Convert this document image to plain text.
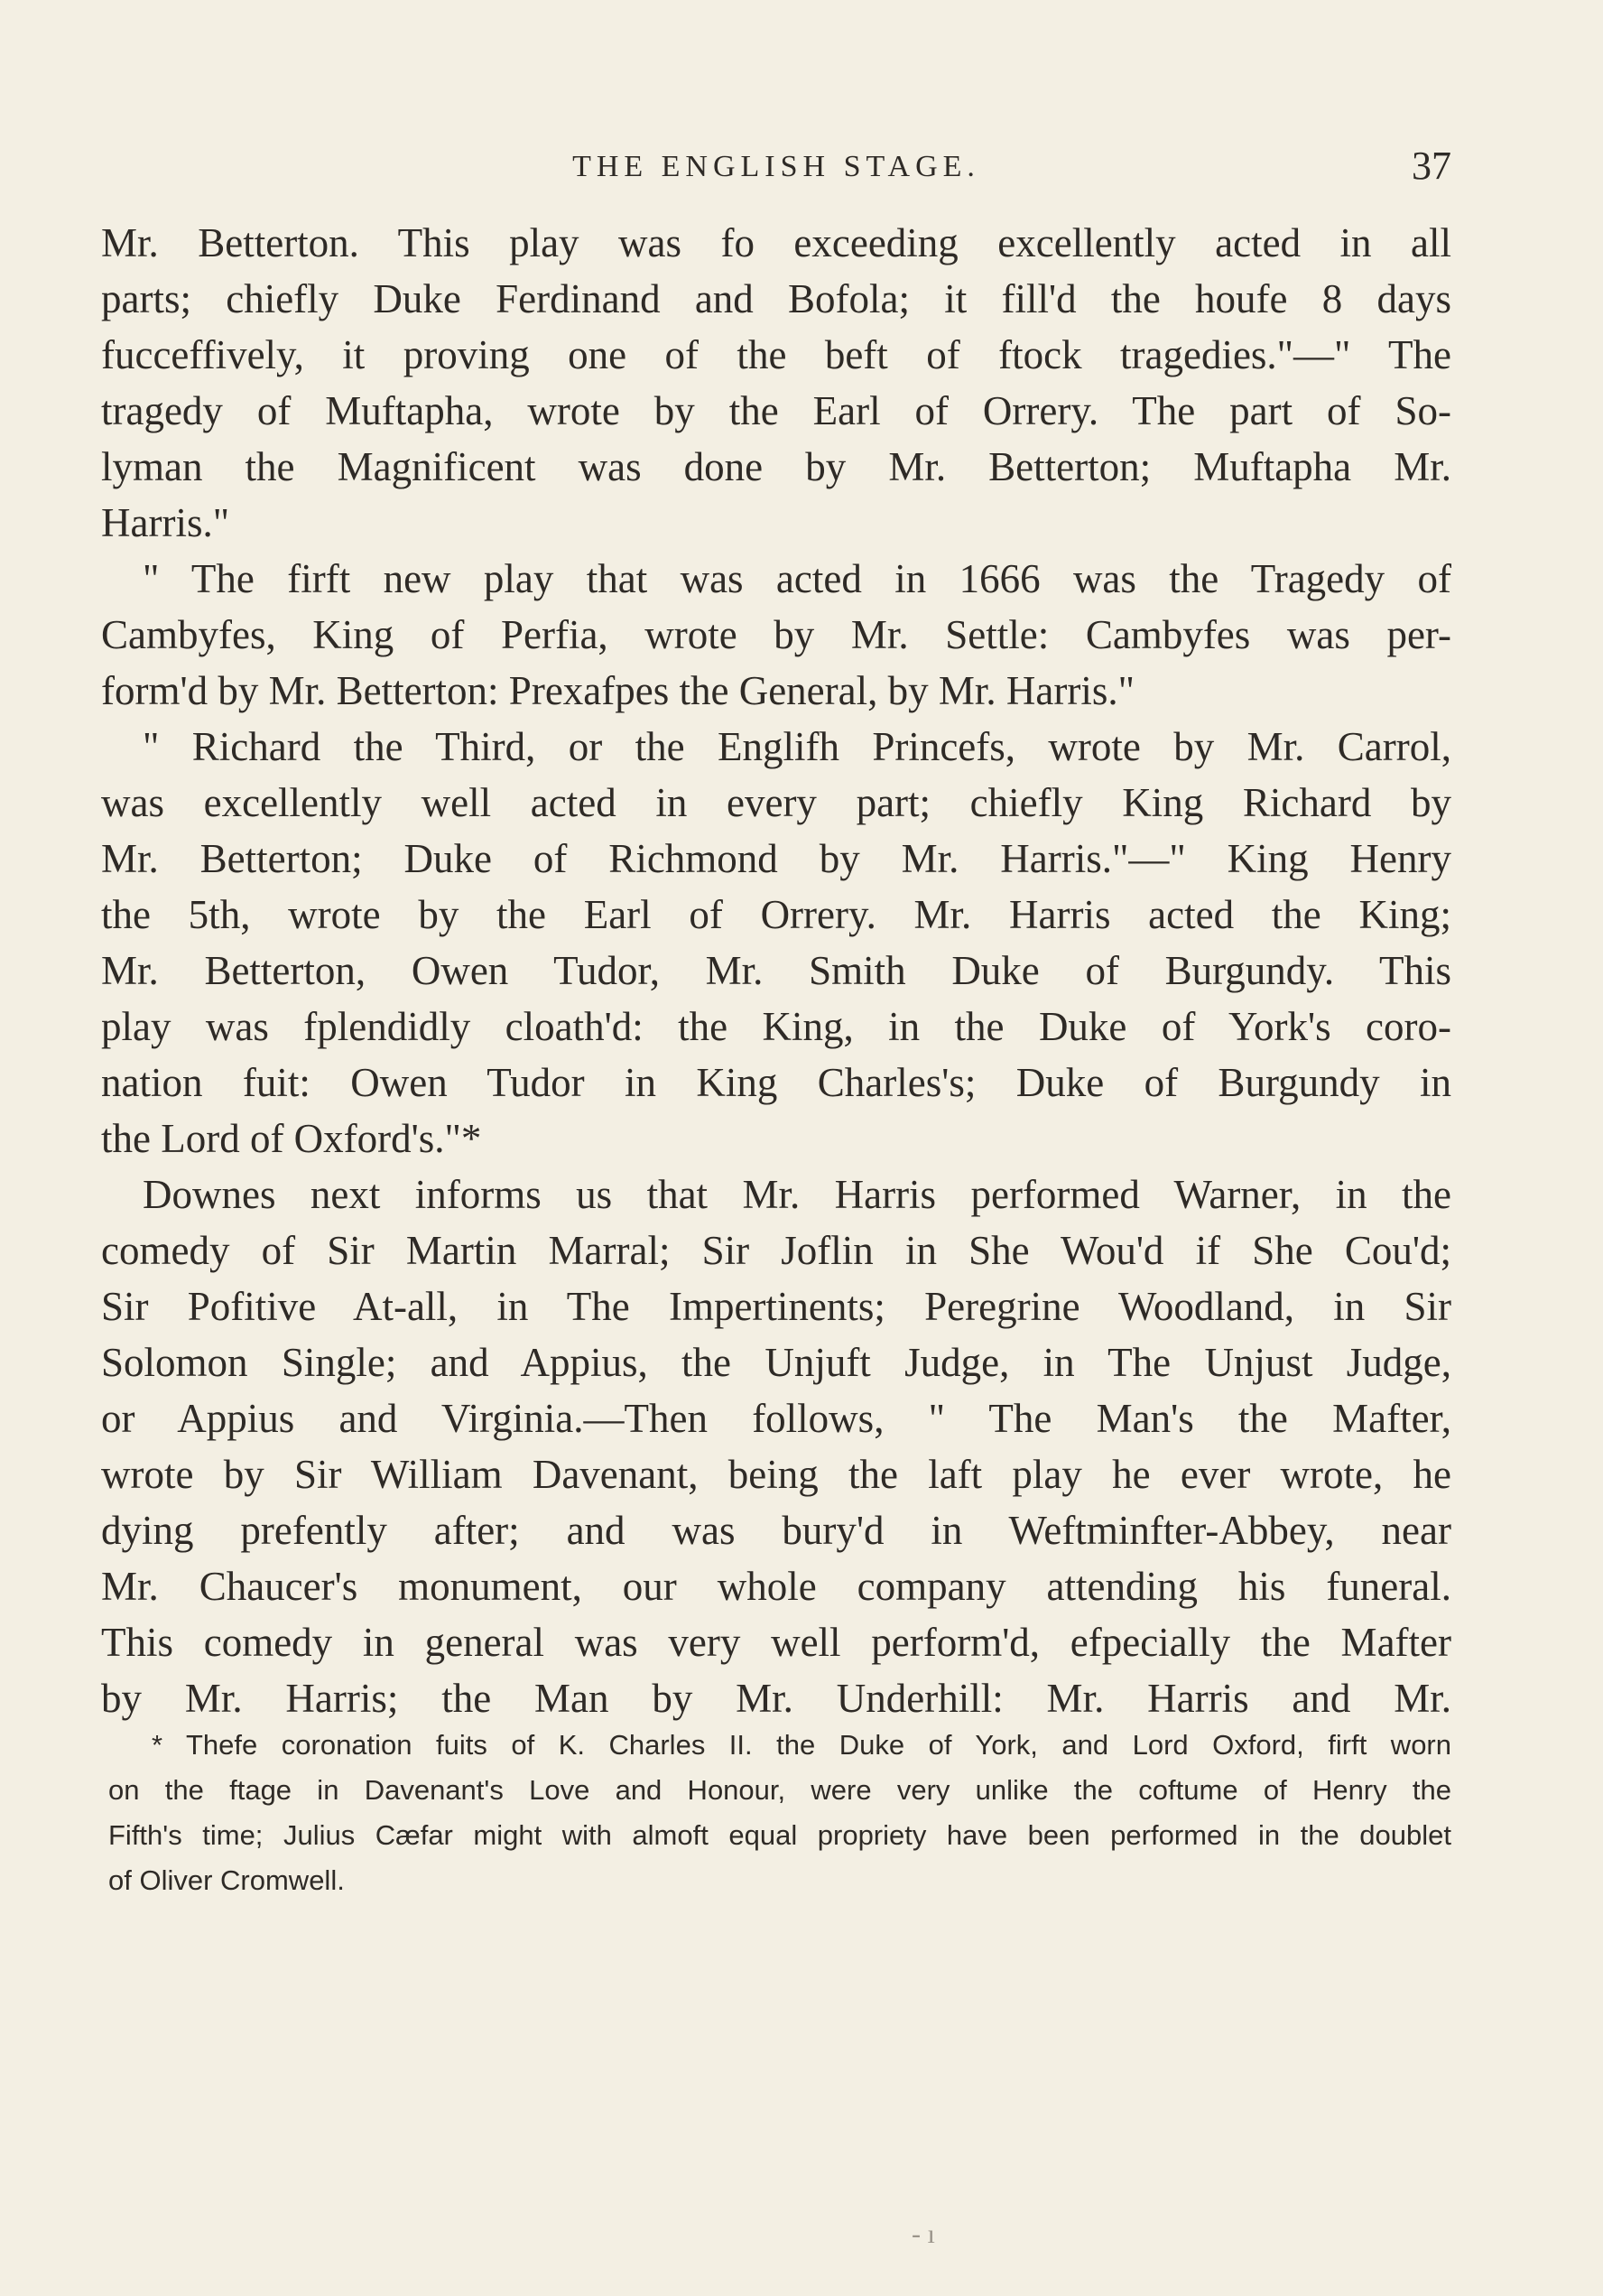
THE ENGLISH STAGE.	37
Mr. Betterton. This play was fo exceeding excellently acted in all
parts; chiefly Duke Ferdinand and Bofola; it fill'd the houfe 8 days
fucceffively, it proving one of the beft of ftock tragedies."—" The
tragedy of Muftapha, wrote by the Earl of Orrery. The part of So-
lyman the Magnificent was done by Mr. Betterton; Muftapha Mr.
Harris."
" The firft new play that was acted in 1666 was the Tragedy of
Cambyfes, King of Perfia, wrote by Mr. Settle: Cambyfes was per-
form'd by Mr. Betterton: Prexafpes the General, by Mr. Harris."
" Richard the Third, or the Englifh Princefs, wrote by Mr. Carrol,
was excellently well acted in every part; chiefly King Richard by
Mr. Betterton; Duke of Richmond by Mr. Harris."—" King Henry
the 5th, wrote by the Earl of Orrery. Mr. Harris acted the King;
Mr. Betterton, Owen Tudor, Mr. Smith Duke of Burgundy. This
play was fplendidly cloath'd: the King, in the Duke of York's coro-
nation fuit: Owen Tudor in King Charles's; Duke of Burgundy in
the Lord of Oxford's."*
Downes next informs us that Mr. Harris performed Warner, in the
comedy of Sir Martin Marral; Sir Joflin in She Wou'd if She Cou'd;
Sir Pofitive At-all, in The Impertinents; Peregrine Woodland, in Sir
Solomon Single; and Appius, the Unjuft Judge, in The Unjust Judge,
or Appius and Virginia.—Then follows, " The Man's the Mafter,
wrote by Sir William Davenant, being the laft play he ever wrote, he
dying prefently after; and was bury'd in Weftminfter-Abbey, near
Mr. Chaucer's monument, our whole company attending his funeral.
This comedy in general was very well perform'd, efpecially the Mafter
by Mr. Harris; the Man by Mr. Underhill: Mr. Harris and Mr.
* Thefe coronation fuits of K. Charles II. the Duke of York, and Lord Oxford, firft worn
on the ftage in Davenant's Love and Honour, were very unlike the coftume of Henry the
Fifth's time; Julius Cæfar might with almoft equal propriety have been performed in the doublet
of Oliver Cromwell.
- ı
